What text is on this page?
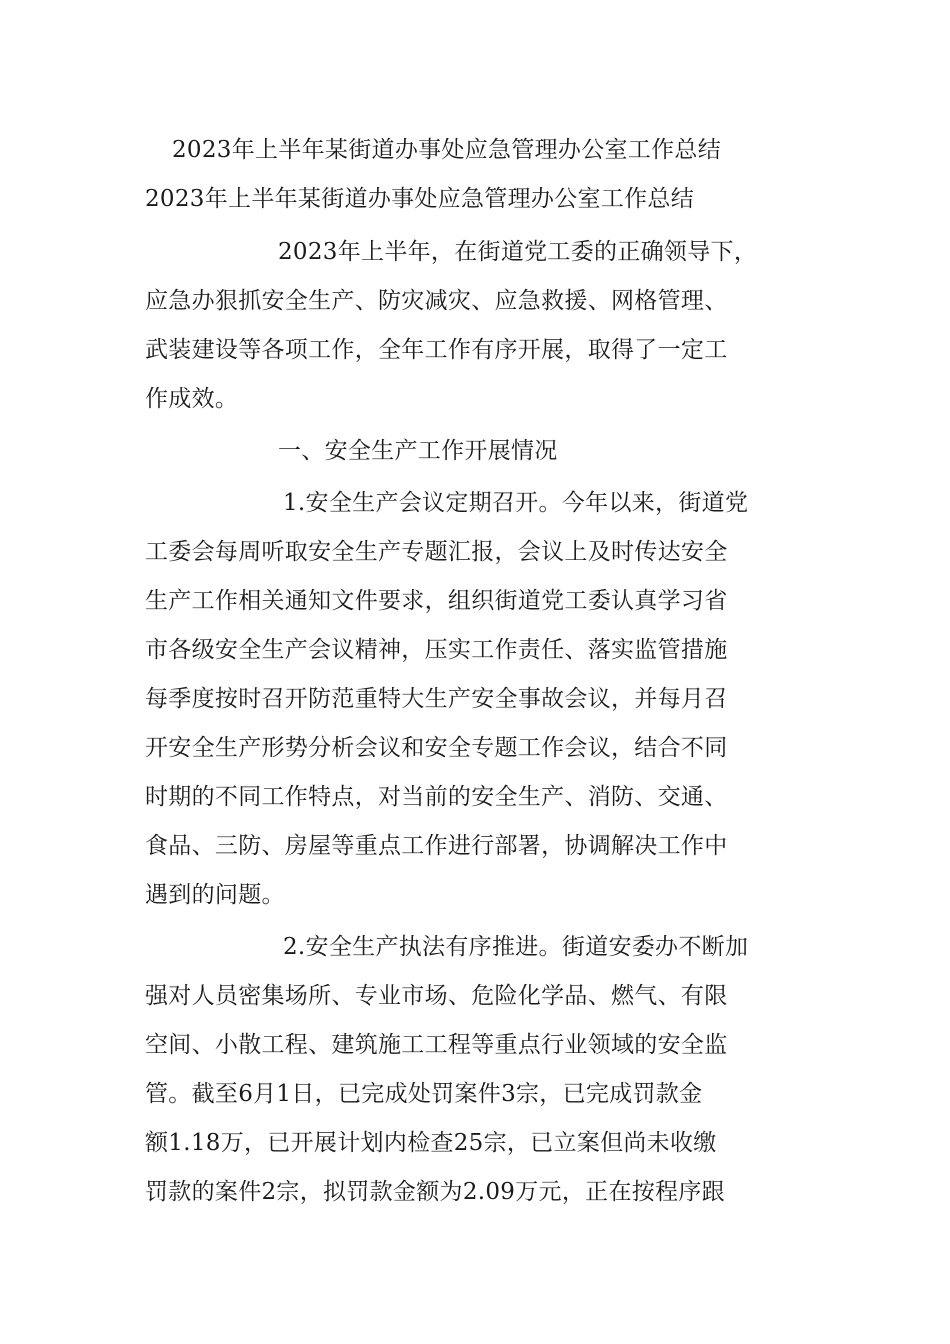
2023年上半年某街道办事处应急管理办公室工作总结
2023年上半年某街道办事处应急管理办公室工作总结
2023年上半年，在街道党工委的正确领导下，
应急办狠抓安全生产、防灾减灾、应急救援、网格管理、
武装建设等各项工作，全年工作有序开展，取得了一定工
作成效。
一、安全生产工作开展情况
1.安全生产会议定期召开。今年以来，街道党
工委会每周听取安全生产专题汇报，会议上及时传达安全
生产工作相关通知文件要求，组织街道党工委认真学习省
市各级安全生产会议精神，压实工作责任、落实监管措施
每季度按时召开防范重特大生产安全事故会议，并每月召
开安全生产形势分析会议和安全专题工作会议，结合不同
时期的不同工作特点，对当前的安全生产、消防、交通、
食品、三防、房屋等重点工作进行部署，协调解决工作中
遇到的问题。
2.安全生产执法有序推进。街道安委办不断加
强对人员密集场所、专业市场、危险化学品、燃气、有限
空间、小散工程、建筑施工工程等重点行业领域的安全监
管。截至6月1日，已完成处罚案件3宗，已完成罚款金
额1.18万，已开展计划内检查25宗，已立案但尚未收缴
罚款的案件2宗，拟罚款金额为2.09万元，正在按程序跟
